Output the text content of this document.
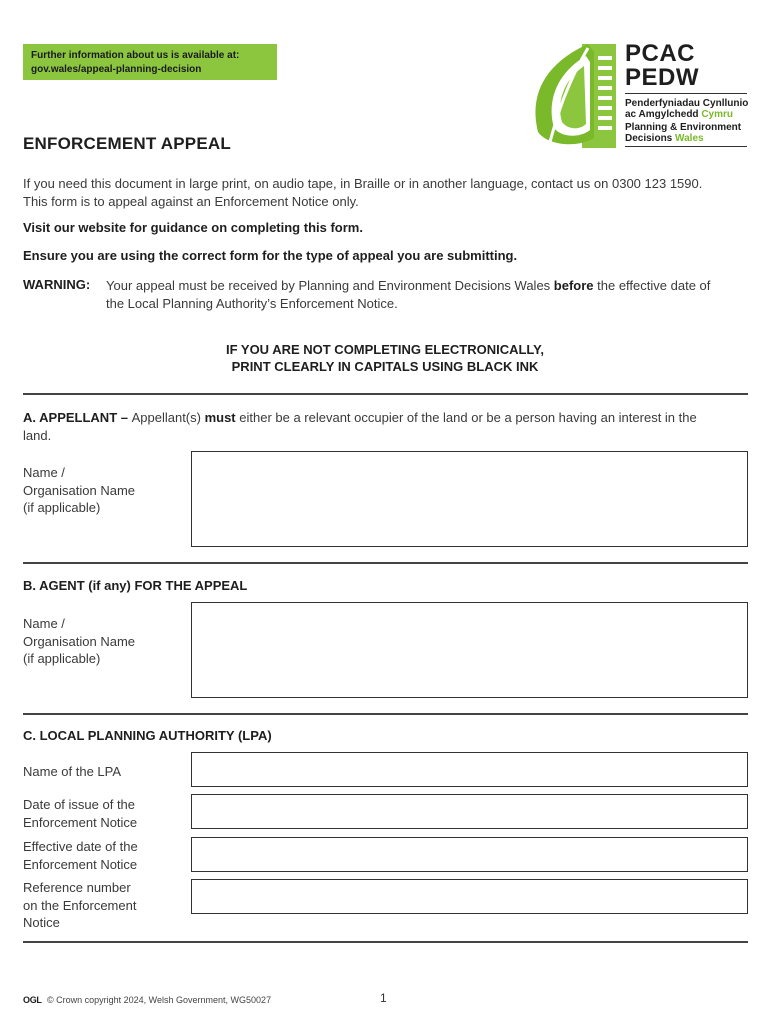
Further information about us is available at:
gov.wales/appeal-planning-decision
PCAC
PEDW
Penderfyniadau Cynllunio
ac Amgylchedd Cymru
Planning & Environment
Decisions Wales
ENFORCEMENT APPEAL
If you need this document in large print, on audio tape, in Braille or in another language, contact us on 0300 123 1590. This form is to appeal against an Enforcement Notice only.
Visit our website for guidance on completing this form.
Ensure you are using the correct form for the type of appeal you are submitting.
WARNING: Your appeal must be received by Planning and Environment Decisions Wales before the effective date of the Local Planning Authority’s Enforcement Notice.
IF YOU ARE NOT COMPLETING ELECTRONICALLY,
PRINT CLEARLY IN CAPITALS USING BLACK INK
A. APPELLANT – Appellant(s) must either be a relevant occupier of the land or be a person having an interest in the land.
Name /
Organisation Name
(if applicable)
B. AGENT (if any) FOR THE APPEAL
Name /
Organisation Name
(if applicable)
C. LOCAL PLANNING AUTHORITY (LPA)
Name of the LPA
Date of issue of the
Enforcement Notice
Effective date of the
Enforcement Notice
Reference number
on the Enforcement
Notice
OGL © Crown copyright 2024, Welsh Government, WG50027	1
